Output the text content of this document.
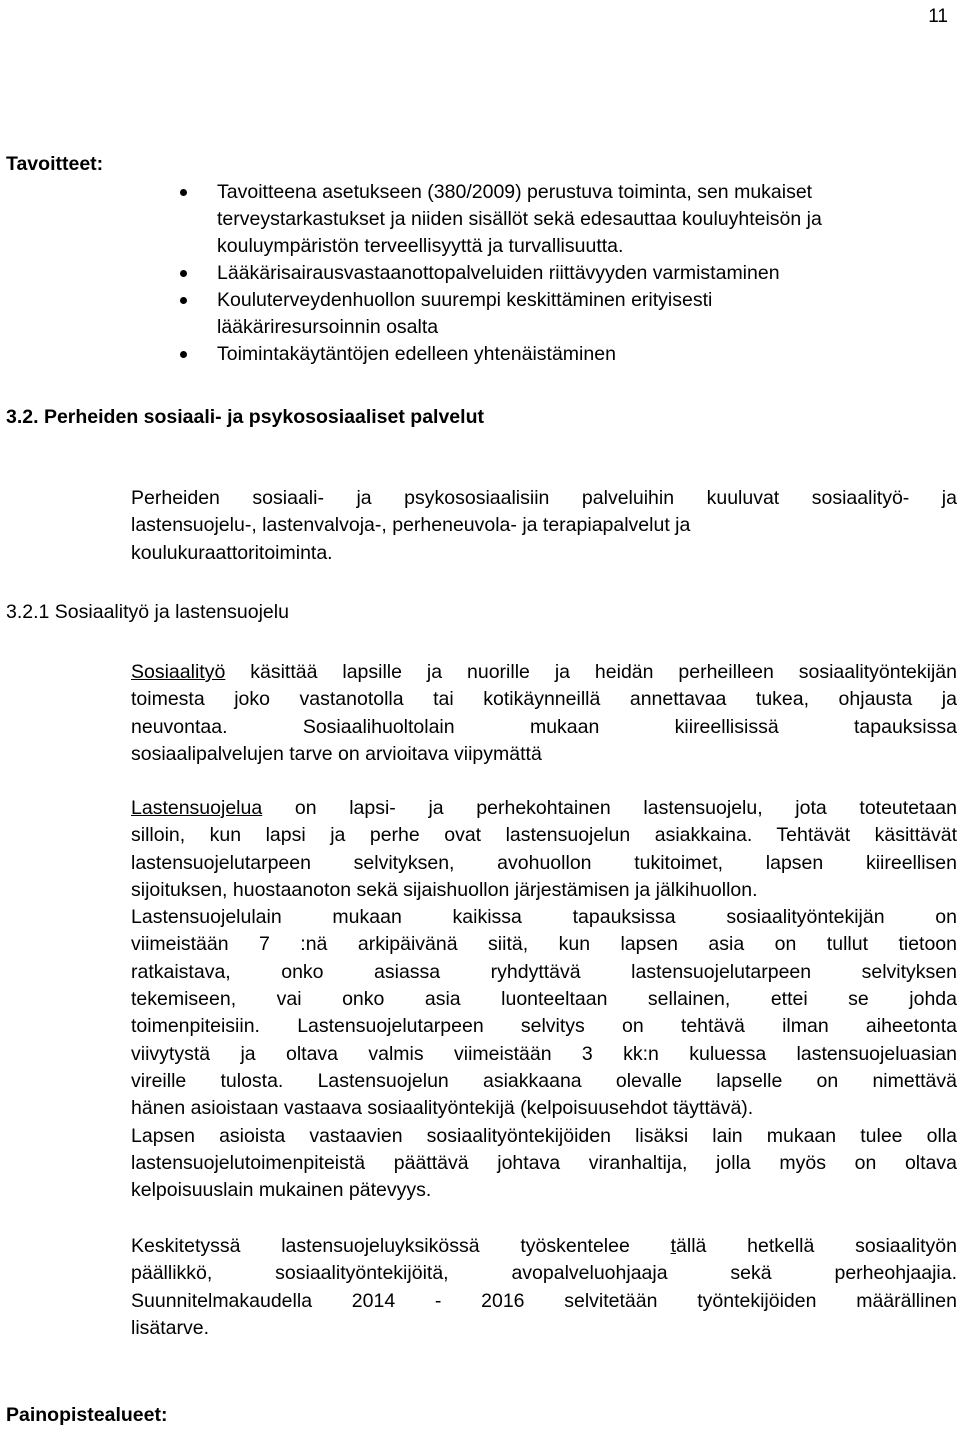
11
Tavoitteet:
Tavoitteena asetukseen (380/2009) perustuva toiminta, sen mukaiset
terveystarkastukset ja niiden sisällöt sekä edesauttaa kouluyhteisön ja
kouluympäristön terveellisyyttä ja turvallisuutta.
Lääkärisairausvastaanottopalveluiden riittävyyden varmistaminen
Kouluterveydenhuollon suurempi keskittäminen erityisesti
lääkäriresursoinnin osalta
Toimintakäytäntöjen edelleen yhtenäistäminen
3.2. Perheiden sosiaali- ja psykososiaaliset palvelut
Perheiden sosiaali- ja psykososiaalisiin palveluihin kuuluvat sosiaalityö- ja
lastensuojelu-, lastenvalvoja-, perheneuvola- ja terapiapalvelut ja
koulukuraattoritoiminta.
3.2.1 Sosiaalityö ja lastensuojelu
Sosiaalityö käsittää lapsille ja nuorille ja heidän perheilleen sosiaalityöntekijän
toimesta joko vastanotolla tai kotikäynneillä annettavaa tukea, ohjausta ja
neuvontaa. Sosiaalihuoltolain mukaan kiireellisissä tapauksissa
sosiaalipalvelujen tarve on arvioitava viipymättä
Lastensuojelua on lapsi- ja perhekohtainen lastensuojelu, jota toteutetaan
silloin, kun lapsi ja perhe ovat lastensuojelun asiakkaina. Tehtävät käsittävät
lastensuojelutarpeen selvityksen, avohuollon tukitoimet, lapsen kiireellisen
sijoituksen, huostaanoton sekä sijaishuollon järjestämisen ja jälkihuollon.
Lastensuojelulain mukaan kaikissa tapauksissa sosiaalityöntekijän on
viimeistään 7 :nä arkipäivänä siitä, kun lapsen asia on tullut tietoon
ratkaistava, onko asiassa ryhdyttävä lastensuojelutarpeen selvityksen
tekemiseen, vai onko asia luonteeltaan sellainen, ettei se johda
toimenpiteisiin. Lastensuojelutarpeen selvitys on tehtävä ilman aiheetonta
viivytystä ja oltava valmis viimeistään 3 kk:n kuluessa lastensuojeluasian
vireille tulosta. Lastensuojelun asiakkaana olevalle lapselle on nimettävä
hänen asioistaan vastaava sosiaalityöntekijä (kelpoisuusehdot täyttävä).
Lapsen asioista vastaavien sosiaalityöntekijöiden lisäksi lain mukaan tulee olla
lastensuojelutoimenpiteistä päättävä johtava viranhaltija, jolla myös on oltava
kelpoisuuslain mukainen pätevyys.
Keskitetyssä lastensuojeluyksikössä työskentelee tällä hetkellä sosiaalityön
päällikkö, sosiaalityöntekijöitä, avopalveluohjaaja sekä perheohjaajia.
Suunnitelmakaudella 2014 - 2016 selvitetään työntekijöiden määrällinen
lisätarve.
Painopistealueet:
